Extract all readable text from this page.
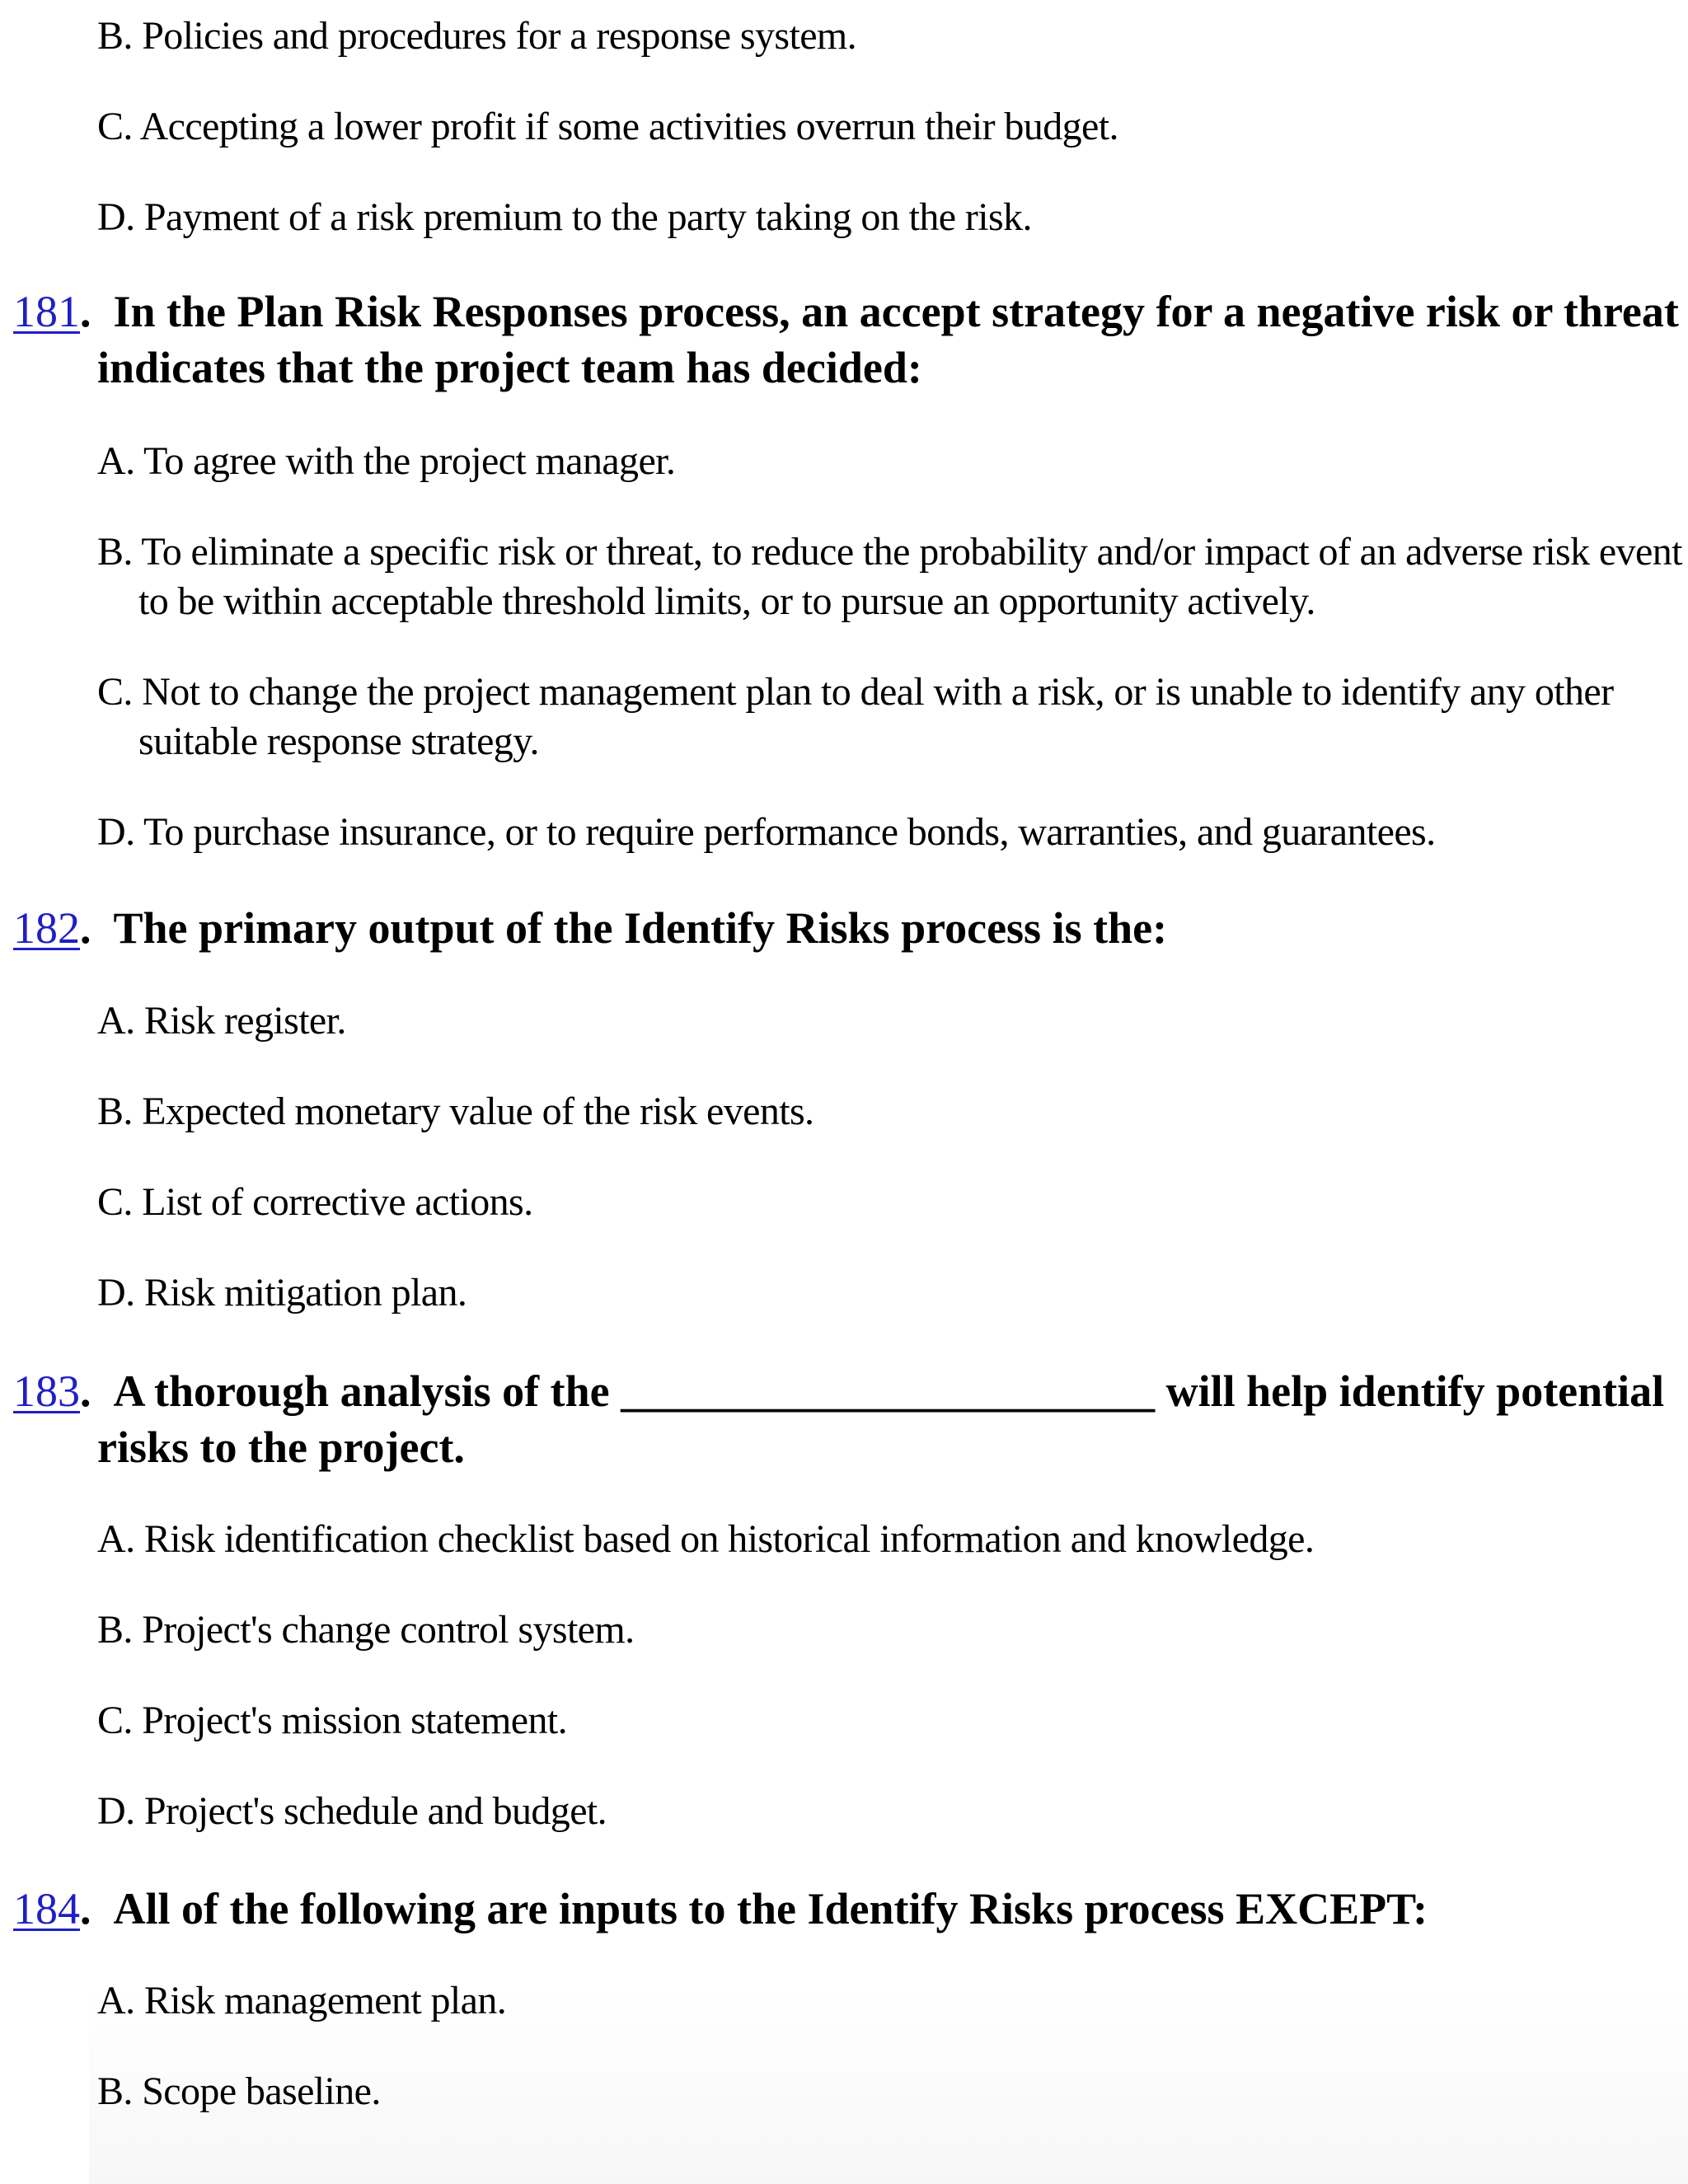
B. Policies and procedures for a response system.
C. Accepting a lower profit if some activities overrun their budget.
D. Payment of a risk premium to the party taking on the risk.
181. In the Plan Risk Responses process, an accept strategy for a negative risk or threat indicates that the project team has decided:
A. To agree with the project manager.
B. To eliminate a specific risk or threat, to reduce the probability and/or impact of an adverse risk event to be within acceptable threshold limits, or to pursue an opportunity actively.
C. Not to change the project management plan to deal with a risk, or is unable to identify any other suitable response strategy.
D. To purchase insurance, or to require performance bonds, warranties, and guarantees.
182. The primary output of the Identify Risks process is the:
A. Risk register.
B. Expected monetary value of the risk events.
C. List of corrective actions.
D. Risk mitigation plan.
183. A thorough analysis of the ________________________ will help identify potential risks to the project.
A. Risk identification checklist based on historical information and knowledge.
B. Project's change control system.
C. Project's mission statement.
D. Project's schedule and budget.
184. All of the following are inputs to the Identify Risks process EXCEPT:
A. Risk management plan.
B. Scope baseline.
